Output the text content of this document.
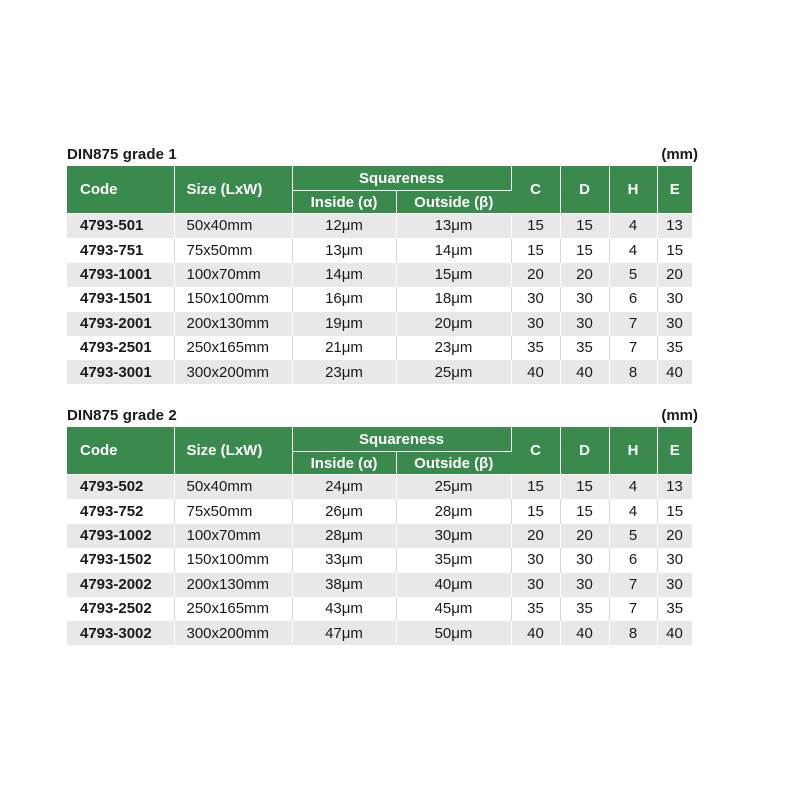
DIN875 grade 1	(mm)
Code	Size (LxW)	Squareness		C	D	H	E
		Inside (α)	Outside (β)				
4793-501	50x40mm	12μm	13μm	15	15	4	13
4793-751	75x50mm	13μm	14μm	15	15	4	15
4793-1001	100x70mm	14μm	15μm	20	20	5	20
4793-1501	150x100mm	16μm	18μm	30	30	6	30
4793-2001	200x130mm	19μm	20μm	30	30	7	30
4793-2501	250x165mm	21μm	23μm	35	35	7	35
4793-3001	300x200mm	23μm	25μm	40	40	8	40
DIN875 grade 2	(mm)
Code	Size (LxW)	Squareness		C	D	H	E
		Inside (α)	Outside (β)				
4793-502	50x40mm	24μm	25μm	15	15	4	13
4793-752	75x50mm	26μm	28μm	15	15	4	15
4793-1002	100x70mm	28μm	30μm	20	20	5	20
4793-1502	150x100mm	33μm	35μm	30	30	6	30
4793-2002	200x130mm	38μm	40μm	30	30	7	30
4793-2502	250x165mm	43μm	45μm	35	35	7	35
4793-3002	300x200mm	47μm	50μm	40	40	8	40
